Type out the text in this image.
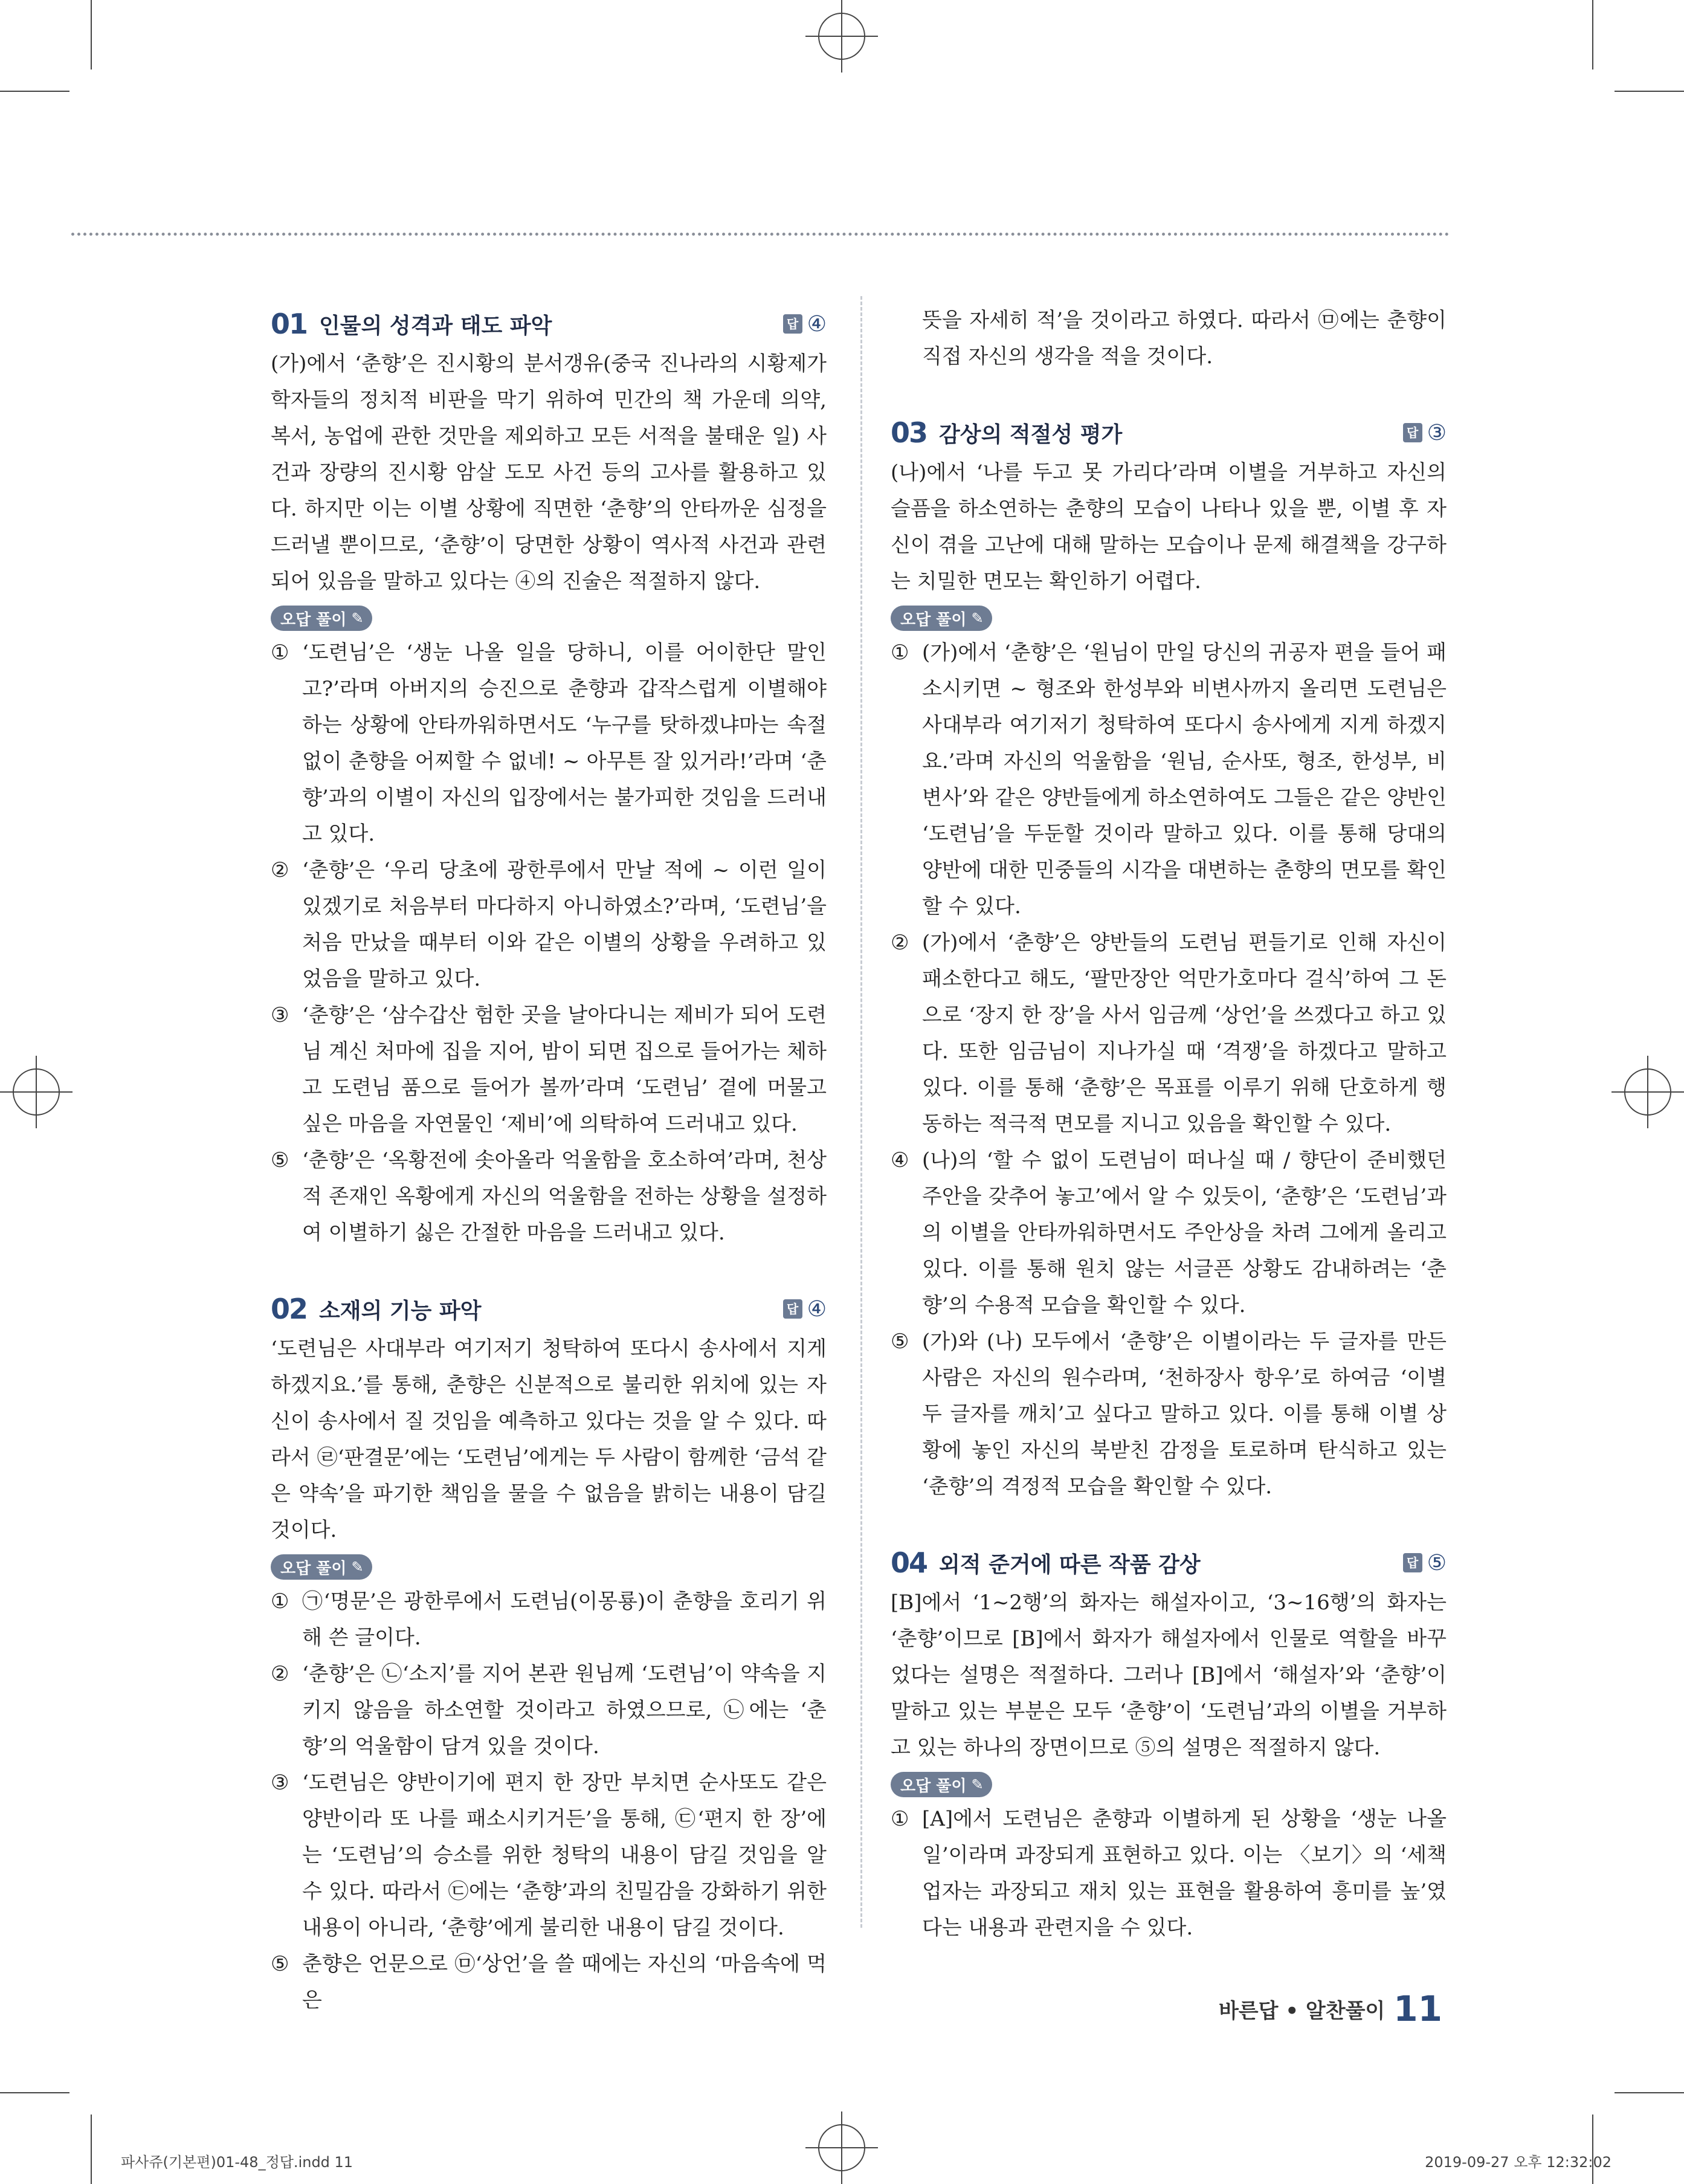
01 인물의 성격과 태도 파악	답 ④

(가)에서 ‘춘향’은 진시황의 분서갱유(중국 진나라의 시황제가 학자들의 정치적 비판을 막기 위하여 민간의 책 가운데 의약, 복서, 농업에 관한 것만을 제외하고 모든 서적을 불태운 일) 사건과 장량의 진시황 암살 도모 사건 등의 고사를 활용하고 있다. 하지만 이는 이별 상황에 직면한 ‘춘향’의 안타까운 심정을 드러낼 뿐이므로, ‘춘향’이 당면한 상황이 역사적 사건과 관련되어 있음을 말하고 있다는 ④의 진술은 적절하지 않다.

오답 풀이 ✎
① ‘도련님’은 ‘생눈 나올 일을 당하니, 이를 어이한단 말인고?’라며 아버지의 승진으로 춘향과 갑작스럽게 이별해야 하는 상황에 안타까워하면서도 ‘누구를 탓하겠냐마는 속절없이 춘향을 어찌할 수 없네! ~ 아무튼 잘 있거라!’라며 ‘춘향’과의 이별이 자신의 입장에서는 불가피한 것임을 드러내고 있다.
② ‘춘향’은 ‘우리 당초에 광한루에서 만날 적에 ~ 이런 일이 있겠기로 처음부터 마다하지 아니하였소?’라며, ‘도련님’을 처음 만났을 때부터 이와 같은 이별의 상황을 우려하고 있었음을 말하고 있다.
③ ‘춘향’은 ‘삼수갑산 험한 곳을 날아다니는 제비가 되어 도련님 계신 처마에 집을 지어, 밤이 되면 집으로 들어가는 체하고 도련님 품으로 들어가 볼까’라며 ‘도련님’ 곁에 머물고 싶은 마음을 자연물인 ‘제비’에 의탁하여 드러내고 있다.
⑤ ‘춘향’은 ‘옥황전에 솟아올라 억울함을 호소하여’라며, 천상적 존재인 옥황에게 자신의 억울함을 전하는 상황을 설정하여 이별하기 싫은 간절한 마음을 드러내고 있다.
02 소재의 기능 파악	답 ④

‘도련님은 사대부라 여기저기 청탁하여 또다시 송사에서 지게 하겠지요.’를 통해, 춘향은 신분적으로 불리한 위치에 있는 자신이 송사에서 질 것임을 예측하고 있다는 것을 알 수 있다. 따라서 ㉣‘판결문’에는 ‘도련님’에게는 두 사람이 함께한 ‘금석 같은 약속’을 파기한 책임을 물을 수 없음을 밝히는 내용이 담길 것이다.

오답 풀이 ✎
① ㉠‘명문’은 광한루에서 도련님(이몽룡)이 춘향을 호리기 위해 쓴 글이다.
② ‘춘향’은 ㉡‘소지’를 지어 본관 원님께 ‘도련님’이 약속을 지키지 않음을 하소연할 것이라고 하였으므로, ㉡에는 ‘춘향’의 억울함이 담겨 있을 것이다.
③ ‘도련님은 양반이기에 편지 한 장만 부치면 순사또도 같은 양반이라 또 나를 패소시키거든’을 통해, ㉢‘편지 한 장’에는 ‘도련님’의 승소를 위한 청탁의 내용이 담길 것임을 알 수 있다. 따라서 ㉢에는 ‘춘향’과의 친밀감을 강화하기 위한 내용이 아니라, ‘춘향’에게 불리한 내용이 담길 것이다.
⑤ 춘향은 언문으로 ㉤‘상언’을 쓸 때에는 자신의 ‘마음속에 먹은
뜻을 자세히 적’을 것이라고 하였다. 따라서 ㉤에는 춘향이 직접 자신의 생각을 적을 것이다.
03 감상의 적절성 평가	답 ③

(나)에서 ‘나를 두고 못 가리다’라며 이별을 거부하고 자신의 슬픔을 하소연하는 춘향의 모습이 나타나 있을 뿐, 이별 후 자신이 겪을 고난에 대해 말하는 모습이나 문제 해결책을 강구하는 치밀한 면모는 확인하기 어렵다.

오답 풀이 ✎
① (가)에서 ‘춘향’은 ‘원님이 만일 당신의 귀공자 편을 들어 패소시키면 ~ 형조와 한성부와 비변사까지 올리면 도련님은 사대부라 여기저기 청탁하여 또다시 송사에게 지게 하겠지요.’라며 자신의 억울함을 ‘원님, 순사또, 형조, 한성부, 비변사’와 같은 양반들에게 하소연하여도 그들은 같은 양반인 ‘도련님’을 두둔할 것이라 말하고 있다. 이를 통해 당대의 양반에 대한 민중들의 시각을 대변하는 춘향의 면모를 확인할 수 있다.
② (가)에서 ‘춘향’은 양반들의 도련님 편들기로 인해 자신이 패소한다고 해도, ‘팔만장안 억만가호마다 걸식’하여 그 돈으로 ‘장지 한 장’을 사서 임금께 ‘상언’을 쓰겠다고 하고 있다. 또한 임금님이 지나가실 때 ‘격쟁’을 하겠다고 말하고 있다. 이를 통해 ‘춘향’은 목표를 이루기 위해 단호하게 행동하는 적극적 면모를 지니고 있음을 확인할 수 있다.
④ (나)의 ‘할 수 없이 도련님이 떠나실 때 / 향단이 준비했던 주안을 갖추어 놓고’에서 알 수 있듯이, ‘춘향’은 ‘도련님’과의 이별을 안타까워하면서도 주안상을 차려 그에게 올리고 있다. 이를 통해 원치 않는 서글픈 상황도 감내하려는 ‘춘향’의 수용적 모습을 확인할 수 있다.
⑤ (가)와 (나) 모두에서 ‘춘향’은 이별이라는 두 글자를 만든 사람은 자신의 원수라며, ‘천하장사 항우’로 하여금 ‘이별 두 글자를 깨치’고 싶다고 말하고 있다. 이를 통해 이별 상황에 놓인 자신의 북받친 감정을 토로하며 탄식하고 있는 ‘춘향’의 격정적 모습을 확인할 수 있다.
04 외적 준거에 따른 작품 감상	답 ⑤

[B]에서 ‘1~2행’의 화자는 해설자이고, ‘3~16행’의 화자는 ‘춘향’이므로 [B]에서 화자가 해설자에서 인물로 역할을 바꾸었다는 설명은 적절하다. 그러나 [B]에서 ‘해설자’와 ‘춘향’이 말하고 있는 부분은 모두 ‘춘향’이 ‘도련님’과의 이별을 거부하고 있는 하나의 장면이므로 ⑤의 설명은 적절하지 않다.

오답 풀이 ✎
① [A]에서 도련님은 춘향과 이별하게 된 상황을 ‘생눈 나올 일’이라며 과장되게 표현하고 있다. 이는 〈보기〉의 ‘세책업자는 과장되고 재치 있는 표현을 활용하여 흥미를 높’였다는 내용과 관련지을 수 있다.
바른답 • 알찬풀이 11
파사쥬(기본편)01-48_정답.indd 11	2019-09-27 오후 12:32:02
